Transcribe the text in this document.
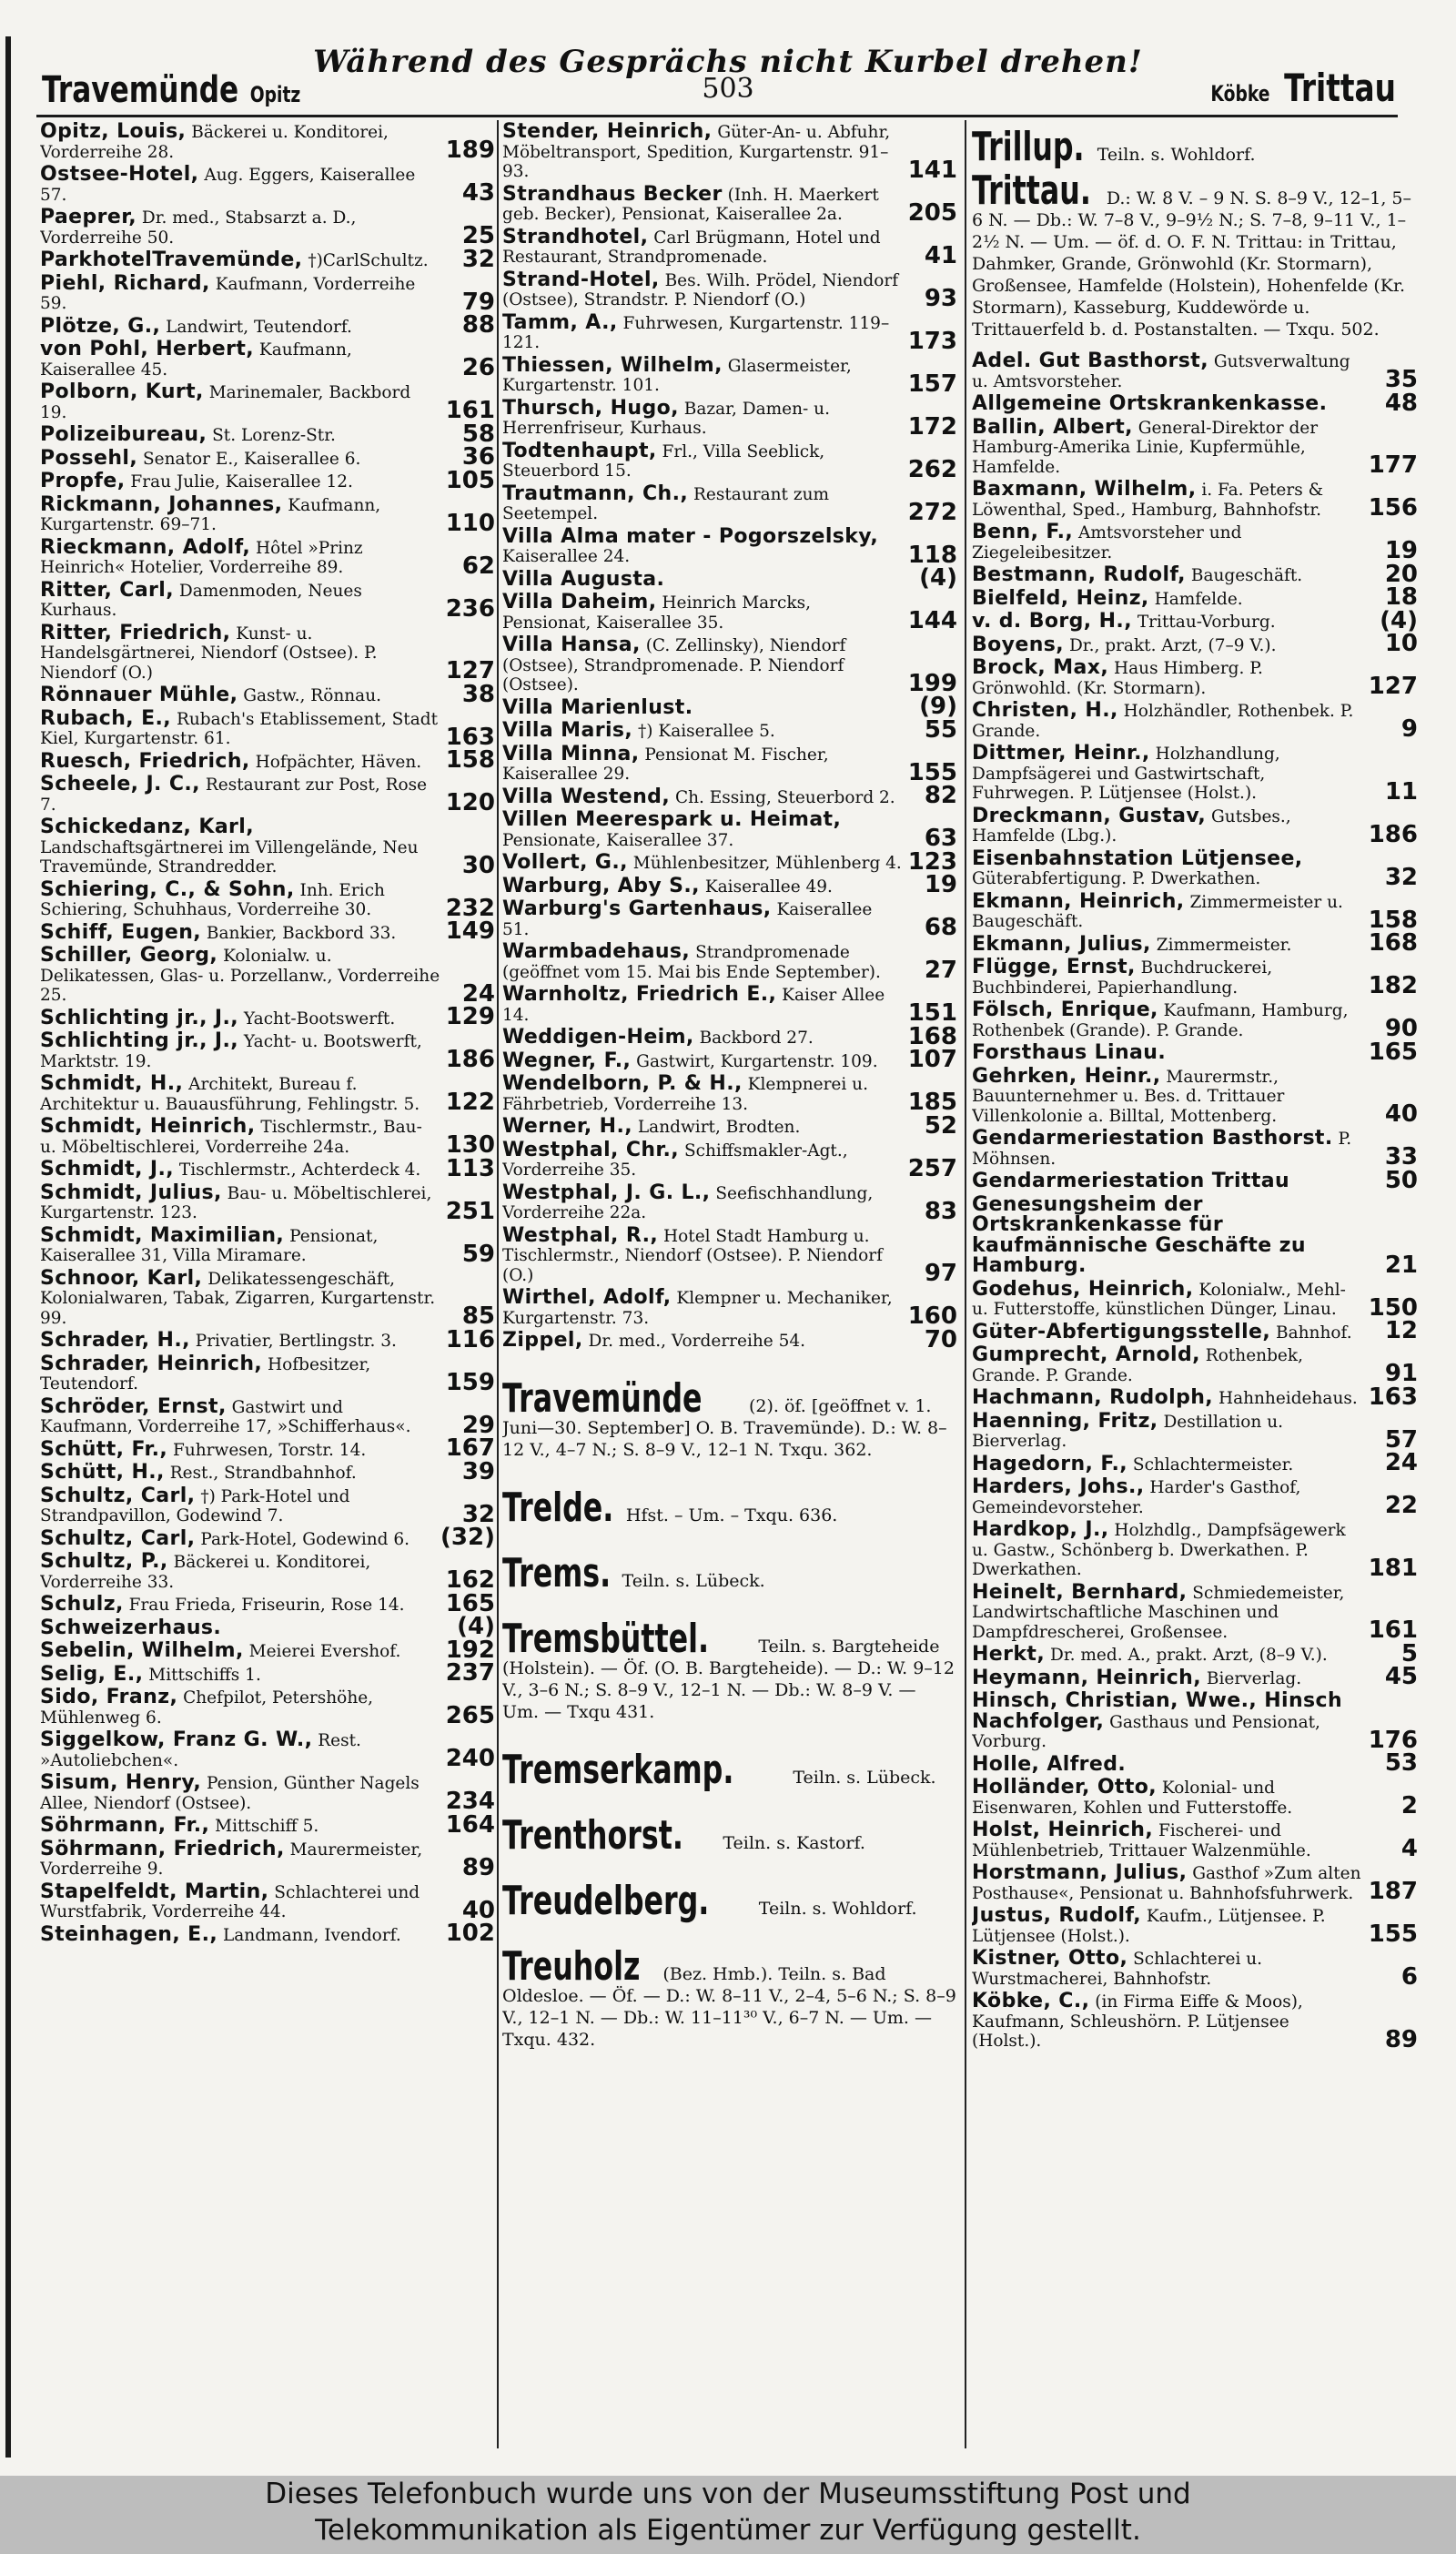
Während des Gesprächs nicht Kurbel drehen!
Travemünde Opitz	503	Köbke Trittau
Opitz, Louis, Bäckerei u. Konditorei, Vorderreihe 28.	189
Ostsee-Hotel, Aug. Eggers, Kaiserallee 57.	43
Paepr​er, Dr. med., Stabsarzt a. D., Vorderreihe 50.	25
ParkhotelTravemünde, †)CarlSchultz. 32
Piehl, Richard, Kaufmann, Vorderreihe 59.	79
Plötze, G., Landwirt, Teutendorf.	88
von Pohl, Herbert, Kaufmann, Kaiserallee 45.	26
Polborn, Kurt, Marinemaler, Backbord 19.	161
Polizeibureau, St. Lorenz-Str.	58
Possehl, Senator E., Kaiserallee 6.	36
Propfe, Frau Julie, Kaiserallee 12.	105
Rickmann, Johannes, Kaufmann, Kurgartenstr. 69–71.	110
Rieckmann, Adolf, Hôtel »Prinz Heinrich« Hotelier, Vorderreihe 89.	62
Ritter, Carl, Damenmoden, Neues Kurhaus.	236
Ritter, Friedrich, Kunst- u. Handelsgärtnerei, Niendorf (Ostsee). P. Niendorf (O.)	127
Rönnauer Mühle, Gastw., Rönnau.	38
Rubach, E., Rubach's Etablissement, Stadt Kiel, Kurgartenstr. 61.	163
Ruesch, Friedrich, Hofpächter, Häven. 158
Scheele, J. C., Restaurant zur Post, Rose 7.	120
Schickedanz, Karl, Landschaftsgärtnerei im Villengelände, Neu Travemünde, Strandredder.	30
Schiering, C., & Sohn, Inh. Erich Schiering, Schuhhaus, Vorderreihe 30.	232
Schiff, Eugen, Bankier, Backbord 33. 149
Schiller, Georg, Kolonialw. u. Delikatessen, Glas- u. Porzellanw., Vorderreihe 25.	24
Schlichting jr., J., Yacht-Bootswerft. 129
Schlichting jr., J., Yacht- u. Bootswerft, Marktstr. 19.	186
Schmidt, H., Architekt, Bureau f. Architektur u. Bauausführung, Fehlingstr. 5. 122
Schmidt, Heinrich, Tischlermstr., Bau- u. Möbeltischlerei, Vorderreihe 24a.	130
Schmidt, J., Tischlermstr., Achterdeck 4. 113
Schmidt, Julius, Bau- u. Möbeltischlerei, Kurgartenstr. 123.	251
Schmidt, Maximilian, Pensionat, Kaiserallee 31, Villa Miramare.	59
Schnoor, Karl, Delikatessengeschäft, Kolonialwaren, Tabak, Zigarren, Kurgartenstr. 99.	85
Schrader, H., Privatier, Bertlingstr. 3. 116
Schrader, Heinrich, Hofbesitzer, Teutendorf.	159
Schröder, Ernst, Gastwirt und Kaufmann, Vorderreihe 17, »Schifferhaus«. 29
Schütt, Fr., Fuhrwesen, Torstr. 14.	167
Schütt, H., Rest., Strandbahnhof.	39
Schultz, Carl, †) Park-Hotel und Strandpavillon, Godewind 7.	32
Schultz, Carl, Park-Hotel, Godewind 6. (32)
Schultz, P., Bäckerei u. Konditorei, Vorderreihe 33.	162
Schulz, Frau Frieda, Friseurin, Rose 14. 165
Schweizerhaus.	(4)
Sebelin, Wilhelm, Meierei Evershof. 192
Selig, E., Mittschiffs 1.	237
Sido, Franz, Chefpilot, Petershöhe, Mühlenweg 6.	265
Siggelkow, Franz G. W., Rest. »Autoliebchen«.	240
Sisum, Henry, Pension, Günther Nagels Allee, Niendorf (Ostsee).	234
Söhrmann, Fr., Mittschiff 5.	164
Söhrmann, Friedrich, Maurermeister, Vorderreihe 9.	89
Stapelfeldt, Martin, Schlachterei und Wurstfabrik, Vorderreihe 44.	40
Steinhagen, E., Landmann, Ivendorf. 102
Stender, Heinrich, Güter-An- u. Abfuhr, Möbeltransport, Spedition, Kurgartenstr. 91–93.	141
Strandhaus Becker (Inh. H. Maerkert geb. Becker), Pensionat, Kaiserallee 2a.	205
Strandhotel, Carl Brügmann, Hotel und Restaurant, Strandpromenade.	41
Strand-Hotel, Bes. Wilh. Prödel, Niendorf (Ostsee), Strandstr. P. Niendorf (O.)	93
Tamm, A., Fuhrwesen, Kurgartenstr. 119–121.	173
Thiessen, Wilhelm, Glasermeister, Kurgartenstr. 101.	157
Thursch, Hugo, Bazar, Damen- u. Herrenfriseur, Kurhaus.	172
Todtenhaupt, Frl., Villa Seeblick, Steuerbord 15.	262
Trautmann, Ch., Restaurant zum Seetempel.	272
Villa Alma mater - Pogorszelsky, Kaiserallee 24.	118
Villa Augusta.	(4)
Villa Daheim, Heinrich Marcks, Pensionat, Kaiserallee 35.	144
Villa Hansa, (C. Zellinsky), Niendorf (Ostsee), Strandpromenade. P. Niendorf (Ostsee).	199
Villa Marienlust.	(9)
Villa Maris, †) Kaiserallee 5.	55
Villa Minna, Pensionat M. Fischer, Kaiserallee 29.	155
Villa Westend, Ch. Essing, Steuerbord 2. 82
Villen Meerespark u. Heimat, Pensionate, Kaiserallee 37.	63
Vollert, G., Mühlenbesitzer, Mühlenberg 4. 123
Warburg, Aby S., Kaiserallee 49.	19
Warburg's Gartenhaus, Kaiserallee 51.	68
Warmbadehaus, Strandpromenade (geöffnet vom 15. Mai bis Ende September). 27
Warnholtz, Friedrich E., Kaiser Allee 14.	151
Weddigen-Heim, Backbord 27.	168
Wegner, F., Gastwirt, Kurgartenstr. 109. 107
Wendelborn, P. & H., Klempnerei u. Fährbetrieb, Vorderreihe 13.	185
Werner, H., Landwirt, Brodten.	52
Westphal, Chr., Schiffsmakler-Agt., Vorderreihe 35.	257
Westphal, J. G. L., Seefischhandlung, Vorderreihe 22a.	83
Westphal, R., Hotel Stadt Hamburg u. Tischlermstr., Niendorf (Ostsee). P. Niendorf (O.)	97
Wirthel, Adolf, Klempner u. Mechaniker, Kurgartenstr. 73.	160
Zippel, Dr. med., Vorderreihe 54.	70
Travemünde	(2). öf. [geöffnet v. 1. Juni—30. September] O. B. Travemünde). D.: W. 8–12 V., 4–7 N.; S. 8–9 V., 12–1 N. Txqu. 362.
Trelde. Hfst. – Um. – Txqu. 636.
Trems. Teiln. s. Lübeck.
Tremsbüttel.	Teiln. s. Bargteheide (Holstein). — Öf. (O. B. Bargteheide). — D.: W. 9–12 V., 3–6 N.; S. 8–9 V., 12–1 N. — Db.: W. 8–9 V. — Um. — Txqu 431.
Tremserkamp.	Teiln. s. Lübeck.
Trenthorst. Teiln. s. Kastorf.
Treudelberg.	Teiln. s. Wohldorf.
Treuholz (Bez. Hmb.). Teiln. s. Bad Oldesloe. — Öf. — D.: W. 8–11 V., 2–4, 5–6 N.; S. 8–9 V., 12–1 N. — Db.: W. 11–11³⁰ V., 6–7 N. — Um. — Txqu. 432.
Trillup. Teiln. s. Wohldorf.
Trittau. D.: W. 8 V. – 9 N. S. 8–9 V., 12–1, 5–6 N. — Db.: W. 7–8 V., 9–9½ N.; S. 7–8, 9–11 V., 1–2½ N. — Um. — öf. d. O. F. N. Trittau: in Trittau, Dahmker, Grande, Grönwohld (Kr. Stormarn), Großensee, Hamfelde (Holstein), Hohenfelde (Kr. Stormarn), Kasseburg, Kuddewörde u. Trittauerfeld b. d. Postanstalten. — Txqu. 502.
Adel. Gut Basthorst, Gutsverwaltung u. Amtsvorsteher.	35
Allgemeine Ortskrankenkasse. 48
Ballin, Albert, General-Direktor der Hamburg-Amerika Linie, Kupfermühle, Hamfelde.	177
Baxmann, Wilhelm, i. Fa. Peters & Löwenthal, Sped., Hamburg, Bahnhofstr. 156
Benn, F., Amtsvorsteher und Ziegeleibesitzer.	19
Bestmann, Rudolf, Baugeschäft.	20
Bielfeld, Heinz, Hamfelde.	18
v. d. Borg, H., Trittau-Vorburg.	(4)
Boyens, Dr., prakt. Arzt, (7–9 V.).	10
Brock, Max, Haus Himberg. P. Grönwohld. (Kr. Stormarn).	127
Christen, H., Holzhändler, Rothenbek. P. Grande.	9
Dittmer, Heinr., Holzhandlung, Dampfsägerei und Gastwirtschaft, Fuhrwegen. P. Lütjensee (Holst.).	11
Dreckmann, Gustav, Gutsbes., Hamfelde (Lbg.).	186
Eisenbahnstation Lütjensee, Güterabfertigung. P. Dwerkathen.	32
Ekmann, Heinrich, Zimmermeister u. Baugeschäft.	158
Ekmann, Julius, Zimmermeister.	168
Flügge, Ernst, Buchdruckerei, Buchbinderei, Papierhandlung.	182
Fölsch, Enrique, Kaufmann, Hamburg, Rothenbek (Grande). P. Grande.	90
Forsthaus Linau.	165
Gehrken, Heinr., Maurermstr., Bauunternehmer u. Bes. d. Trittauer Villenkolonie a. Billtal, Mottenberg.	40
Gendarmeriestation Basthorst. P. Möhnsen.	33
Gendarmeriestation Trittau	50
Genesungsheim der Ortskrankenkasse für kaufmännische Geschäfte zu Hamburg.	21
Godehus, Heinrich, Kolonialw., Mehl- u. Futterstoffe, künstlichen Dünger, Linau. 150
Güter-Abfertigungsstelle, Bahnhof. 12
Gumprecht, Arnold, Rothenbek, Grande. P. Grande.	91
Hachmann, Rudolph, Hahnheidehaus. 163
Haenning, Fritz, Destillation u. Bierverlag.	57
Hagedorn, F., Schlachtermeister.	24
Harders, Johs., Harder's Gasthof, Gemeindevorsteher.	22
Hardkop, J., Holzhdlg., Dampfsägewerk u. Gastw., Schönberg b. Dwerkathen. P. Dwerkathen.	181
Heinelt, Bernhard, Schmiedemeister, Landwirtschaftliche Maschinen und Dampfdrescherei, Großensee.	161
Herkt, Dr. med. A., prakt. Arzt, (8–9 V.).	5
Heymann, Heinrich, Bierverlag.	45
Hinsch, Christian, Wwe., Hinsch Nachfolger, Gasthaus und Pensionat, Vorburg.	176
Holle, Alfred.	53
Holländer, Otto, Kolonial- und Eisenwaren, Kohlen und Futterstoffe.	2
Holst, Heinrich, Fischerei- und Mühlenbetrieb, Trittauer Walzenmühle.	4
Horstmann, Julius, Gasthof »Zum alten Posthause«, Pensionat u. Bahnhofsfuhrwerk. 187
Justus, Rudolf, Kaufm., Lütjensee. P. Lütjensee (Holst.).	155
Kistner, Otto, Schlachterei u. Wurstmacherei, Bahnhofstr.	6
Köbke, C., (in Firma Eiffe & Moos), Kaufmann, Schleushörn. P. Lütjensee (Holst.).	89
Dieses Telefonbuch wurde uns von der Museumsstiftung Post und
Telekommunikation als Eigentümer zur Verfügung gestellt.
